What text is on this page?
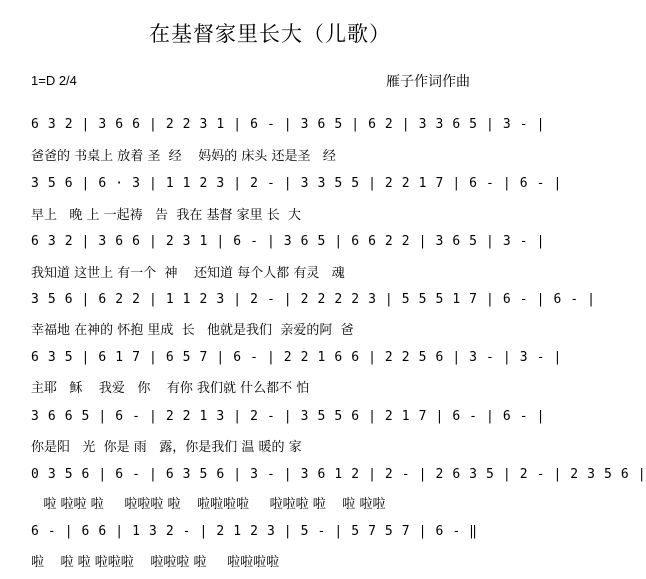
在基督家里长大（儿歌）
1=D 2/4	雁子作词作曲
6 3 2 | 3 6 6 | 2 2 3 1 | 6 - | 3 6 5 | 6 2 | 3 3 6 5 | 3 - |
爸爸的 书桌上 放着 圣  经    妈妈的 床头 还是圣   经
3 5 6 | 6 · 3 | 1 1 2 3 | 2 - | 3 3 5 5 | 2 2 1 7 | 6 - | 6 - |
早上   晚 上 一起祷   告  我在 基督 家里 长  大
6 3 2 | 3 6 6 | 2 3 1 | 6 - | 3 6 5 | 6 6 2 2 | 3 6 5 | 3 - |
我知道 这世上 有一个  神    还知道 每个人都 有灵   魂
3 5 6 | 6 2 2 | 1 1 2 3 | 2 - | 2 2 2 2 3 | 5 5 5 1 7 | 6 - | 6 - |
幸福地 在神的 怀抱 里成  长   他就是我们  亲爱的阿  爸
6 3 5 | 6 1 7 | 6 5 7 | 6 - | 2 2 1 6 6 | 2 2 5 6 | 3 - | 3 - |
主耶   稣    我爱   你    有你 我们就 什么都不 怕
3 6 6 5 | 6 - | 2 2 1 3 | 2 - | 3 5 5 6 | 2 1 7 | 6 - | 6 - |
你是阳   光  你是 雨   露，你是我们 温 暖的 家
0 3 5 6 | 6 - | 6 3 5 6 | 3 - | 3 6 1 2 | 2 - | 2 6 3 5 | 2 - | 2 3 5 6 |
啦 啦啦 啦     啦啦啦 啦    啦啦啦啦     啦啦啦 啦    啦 啦啦
6 - | 6 6 | 1 3 2 - | 2 1 2 3 | 5 - | 5 7 5 7 | 6 - ‖
啦    啦 啦 啦啦啦    啦啦啦 啦     啦啦啦啦
